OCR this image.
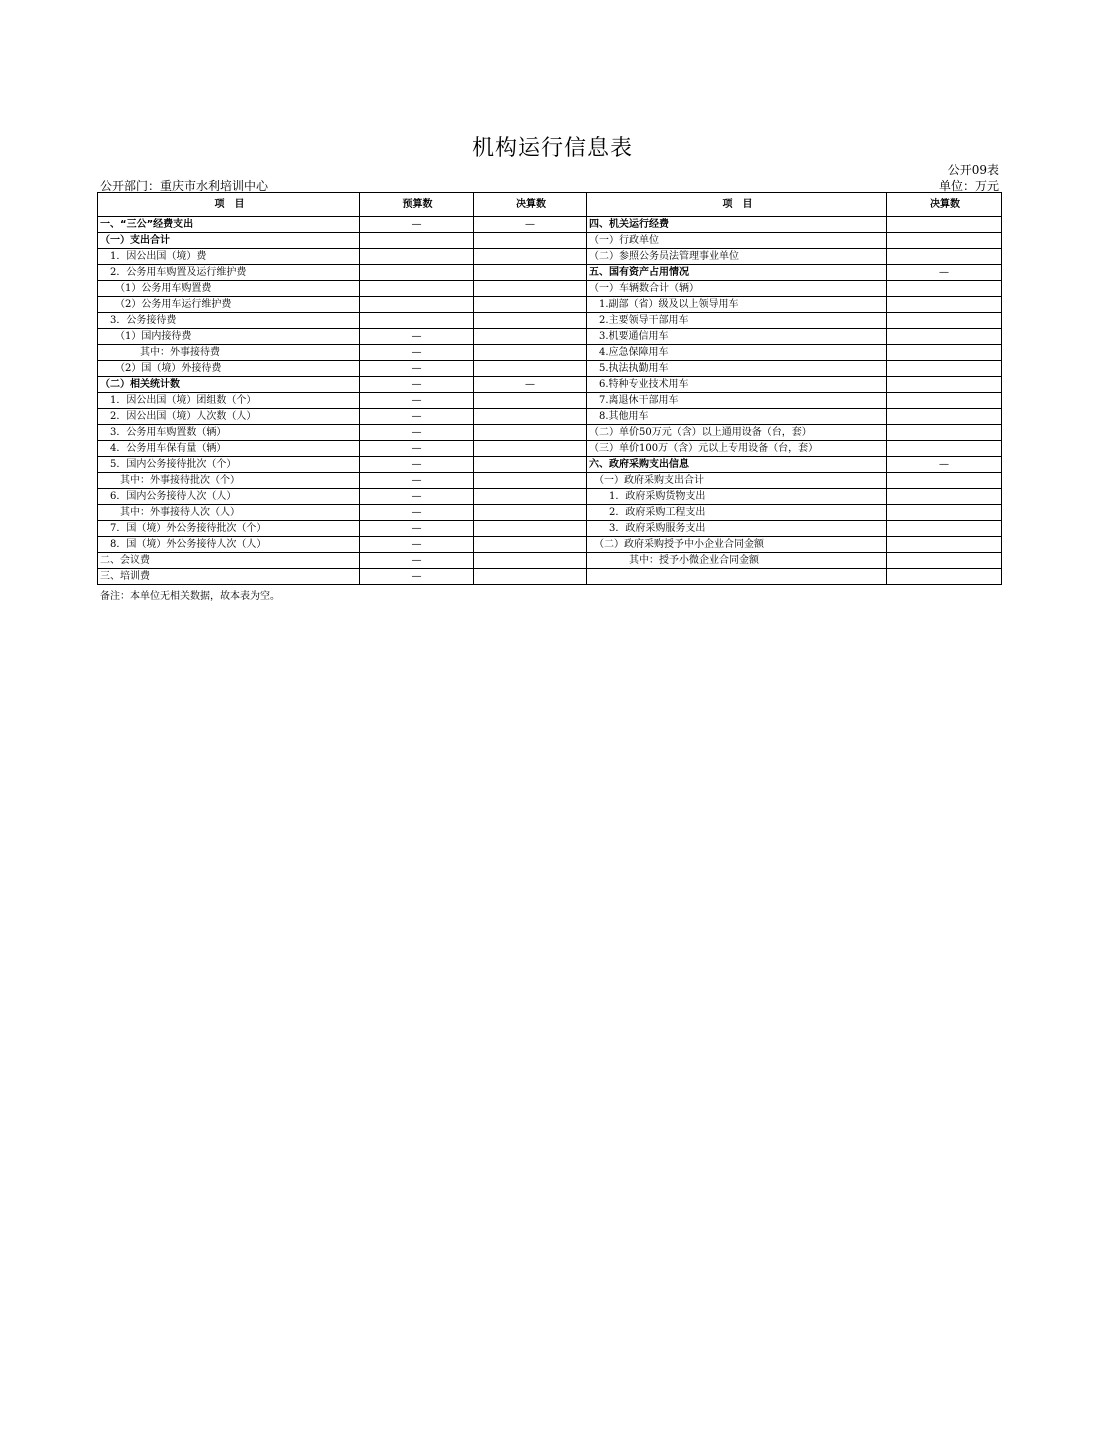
机构运行信息表
公开09表
公开部门：重庆市水利培训中心	单位：万元
项　目	预算数	决算数	项　目	决算数
一、“三公”经费支出	—	—	四、机关运行经费	
（一）支出合计			（一）行政单位	
　1．因公出国（境）费			（二）参照公务员法管理事业单位	
　2．公务用车购置及运行维护费			五、国有资产占用情况	—
　　（1）公务用车购置费			（一）车辆数合计（辆）	
　　（2）公务用车运行维护费			　1.副部（省）级及以上领导用车	
　3．公务接待费			　2.主要领导干部用车	
　　（1）国内接待费	—		　3.机要通信用车	
　　　　其中：外事接待费	—		　4.应急保障用车	
　　（2）国（境）外接待费	—		　5.执法执勤用车	
（二）相关统计数	—	—	　6.特种专业技术用车	
　1．因公出国（境）团组数（个）	—		　7.离退休干部用车	
　2．因公出国（境）人次数（人）	—		　8.其他用车	
　3．公务用车购置数（辆）	—		（二）单价50万元（含）以上通用设备（台，套）	
　4．公务用车保有量（辆）	—		（三）单价100万（含）元以上专用设备（台，套）	
　5．国内公务接待批次（个）	—		六、政府采购支出信息	—
　　其中：外事接待批次（个）	—		　（一）政府采购支出合计	
　6．国内公务接待人次（人）	—		　　1．政府采购货物支出	
　　其中：外事接待人次（人）	—		　　2．政府采购工程支出	
　7．国（境）外公务接待批次（个）	—		　　3．政府采购服务支出	
　8．国（境）外公务接待人次（人）	—		　（二）政府采购授予中小企业合同金额	
二、会议费	—		　　　　其中：授予小微企业合同金额	
三、培训费	—			
备注：本单位无相关数据，故本表为空。
